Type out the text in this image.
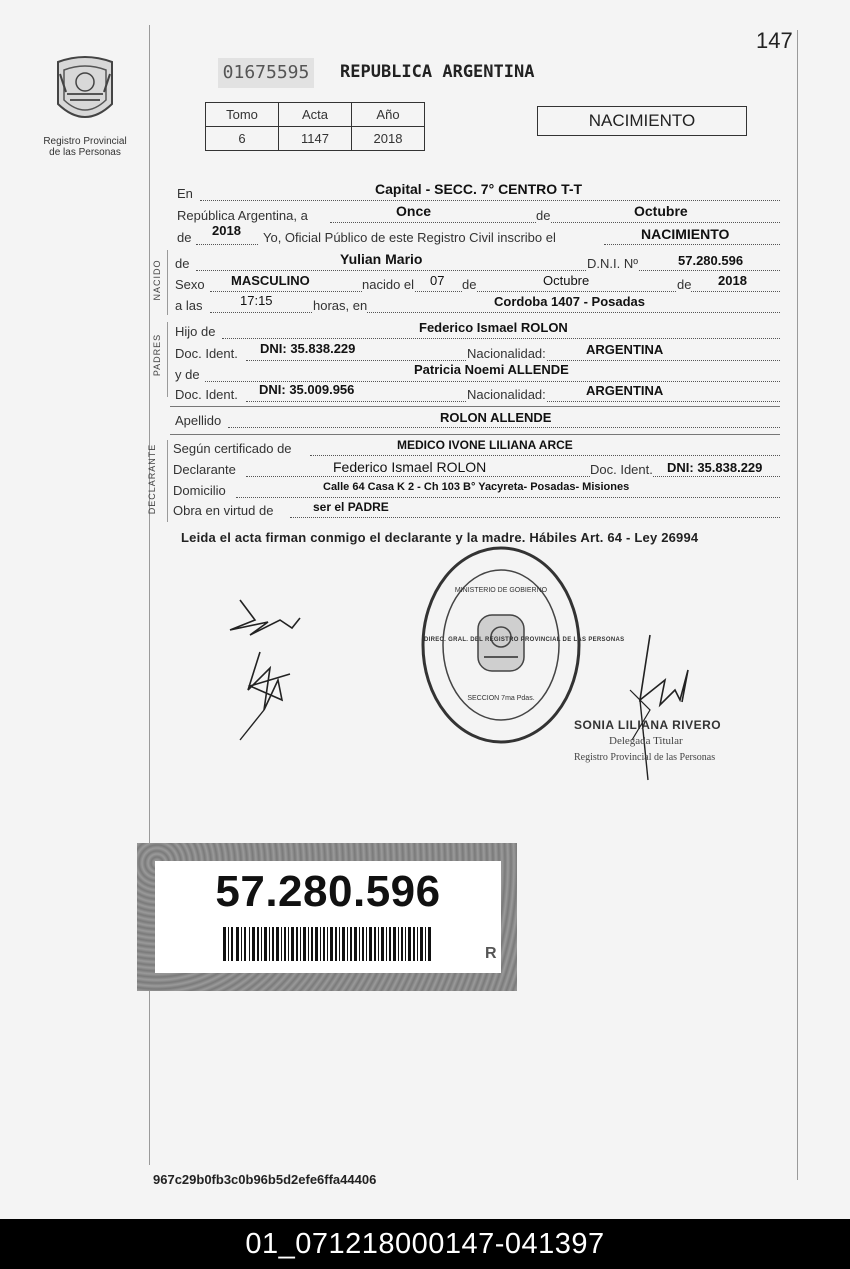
147
Registro Provincial
de las Personas
01675595 REPUBLICA ARGENTINA
Tomo	Acta	Año
6	1147	2018
NACIMIENTO
En	Capital - SECC. 7° CENTRO T-T
República Argentina, a	Once	de	Octubre
de 2018 Yo, Oficial Público de este Registro Civil inscribo el	NACIMIENTO
NACIDO de	Yulian Mario	D.N.I. Nº	57.280.596
Sexo MASCULINO	nacido el 07 de	Octubre	de 2018
a las	17:15	horas, en	Cordoba 1407 - Posadas
PADRES
Hijo de	Federico Ismael ROLON
Doc. Ident. DNI: 35.838.229	Nacionalidad:	ARGENTINA
y de	Patricia Noemi ALLENDE
Doc. Ident. DNI: 35.009.956	Nacionalidad:	ARGENTINA
Apellido	ROLON ALLENDE
DECLARANTE Según certificado de	MEDICO IVONE LILIANA ARCE
Declarante	Federico Ismael ROLON	Doc. Ident. DNI: 35.838.229
Domicilio	Calle 64 Casa K 2 - Ch 103 B° Yacyreta- Posadas- Misiones
Obra en virtud de	ser el PADRE
Leida el acta firman conmigo el declarante y la madre. Hábiles Art. 64 - Ley 26994
DIREC. GRAL. DEL REGISTRO PROVINCIAL DE LAS PERSONAS
MINISTERIO DE GOBIERNO
SECCION 7ma Pdas.
SONIA LILIANA RIVERO
Delegada Titular
Registro Provincial de las Personas
57.280.596
R
967c29b0fb3c0b96b5d2efe6ffa44406
01_071218000147-041397
